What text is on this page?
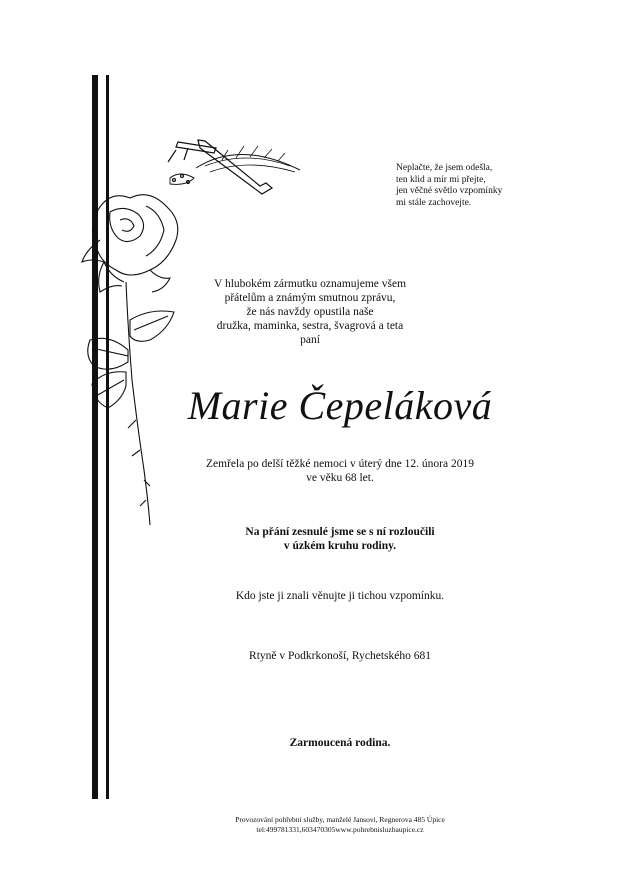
Neplačte, že jsem odešla,
ten klid a mír mi přejte,
jen věčné světlo vzpomínky
mi stále zachovejte.
V hlubokém zármutku oznamujeme všem
přátelům a známým smutnou zprávu,
že nás navždy opustila naše
družka, maminka, sestra, švagrová a teta
paní
Marie Čepeláková
Zemřela po delší těžké nemoci v úterý dne 12. února 2019
ve věku 68 let.
Na přání zesnulé jsme se s ní rozloučili
v úzkém kruhu rodiny.
Kdo jste ji znali věnujte ji tichou vzpomínku.
Rtyně v Podkrkonoší, Rychetského 681
Zarmoucená rodina.
Provozování pohřební služby, manželé Jansovi, Regnerova 485 Úpice
tel:499781331,603470305www.pohrebnisluzbaupice.cz
